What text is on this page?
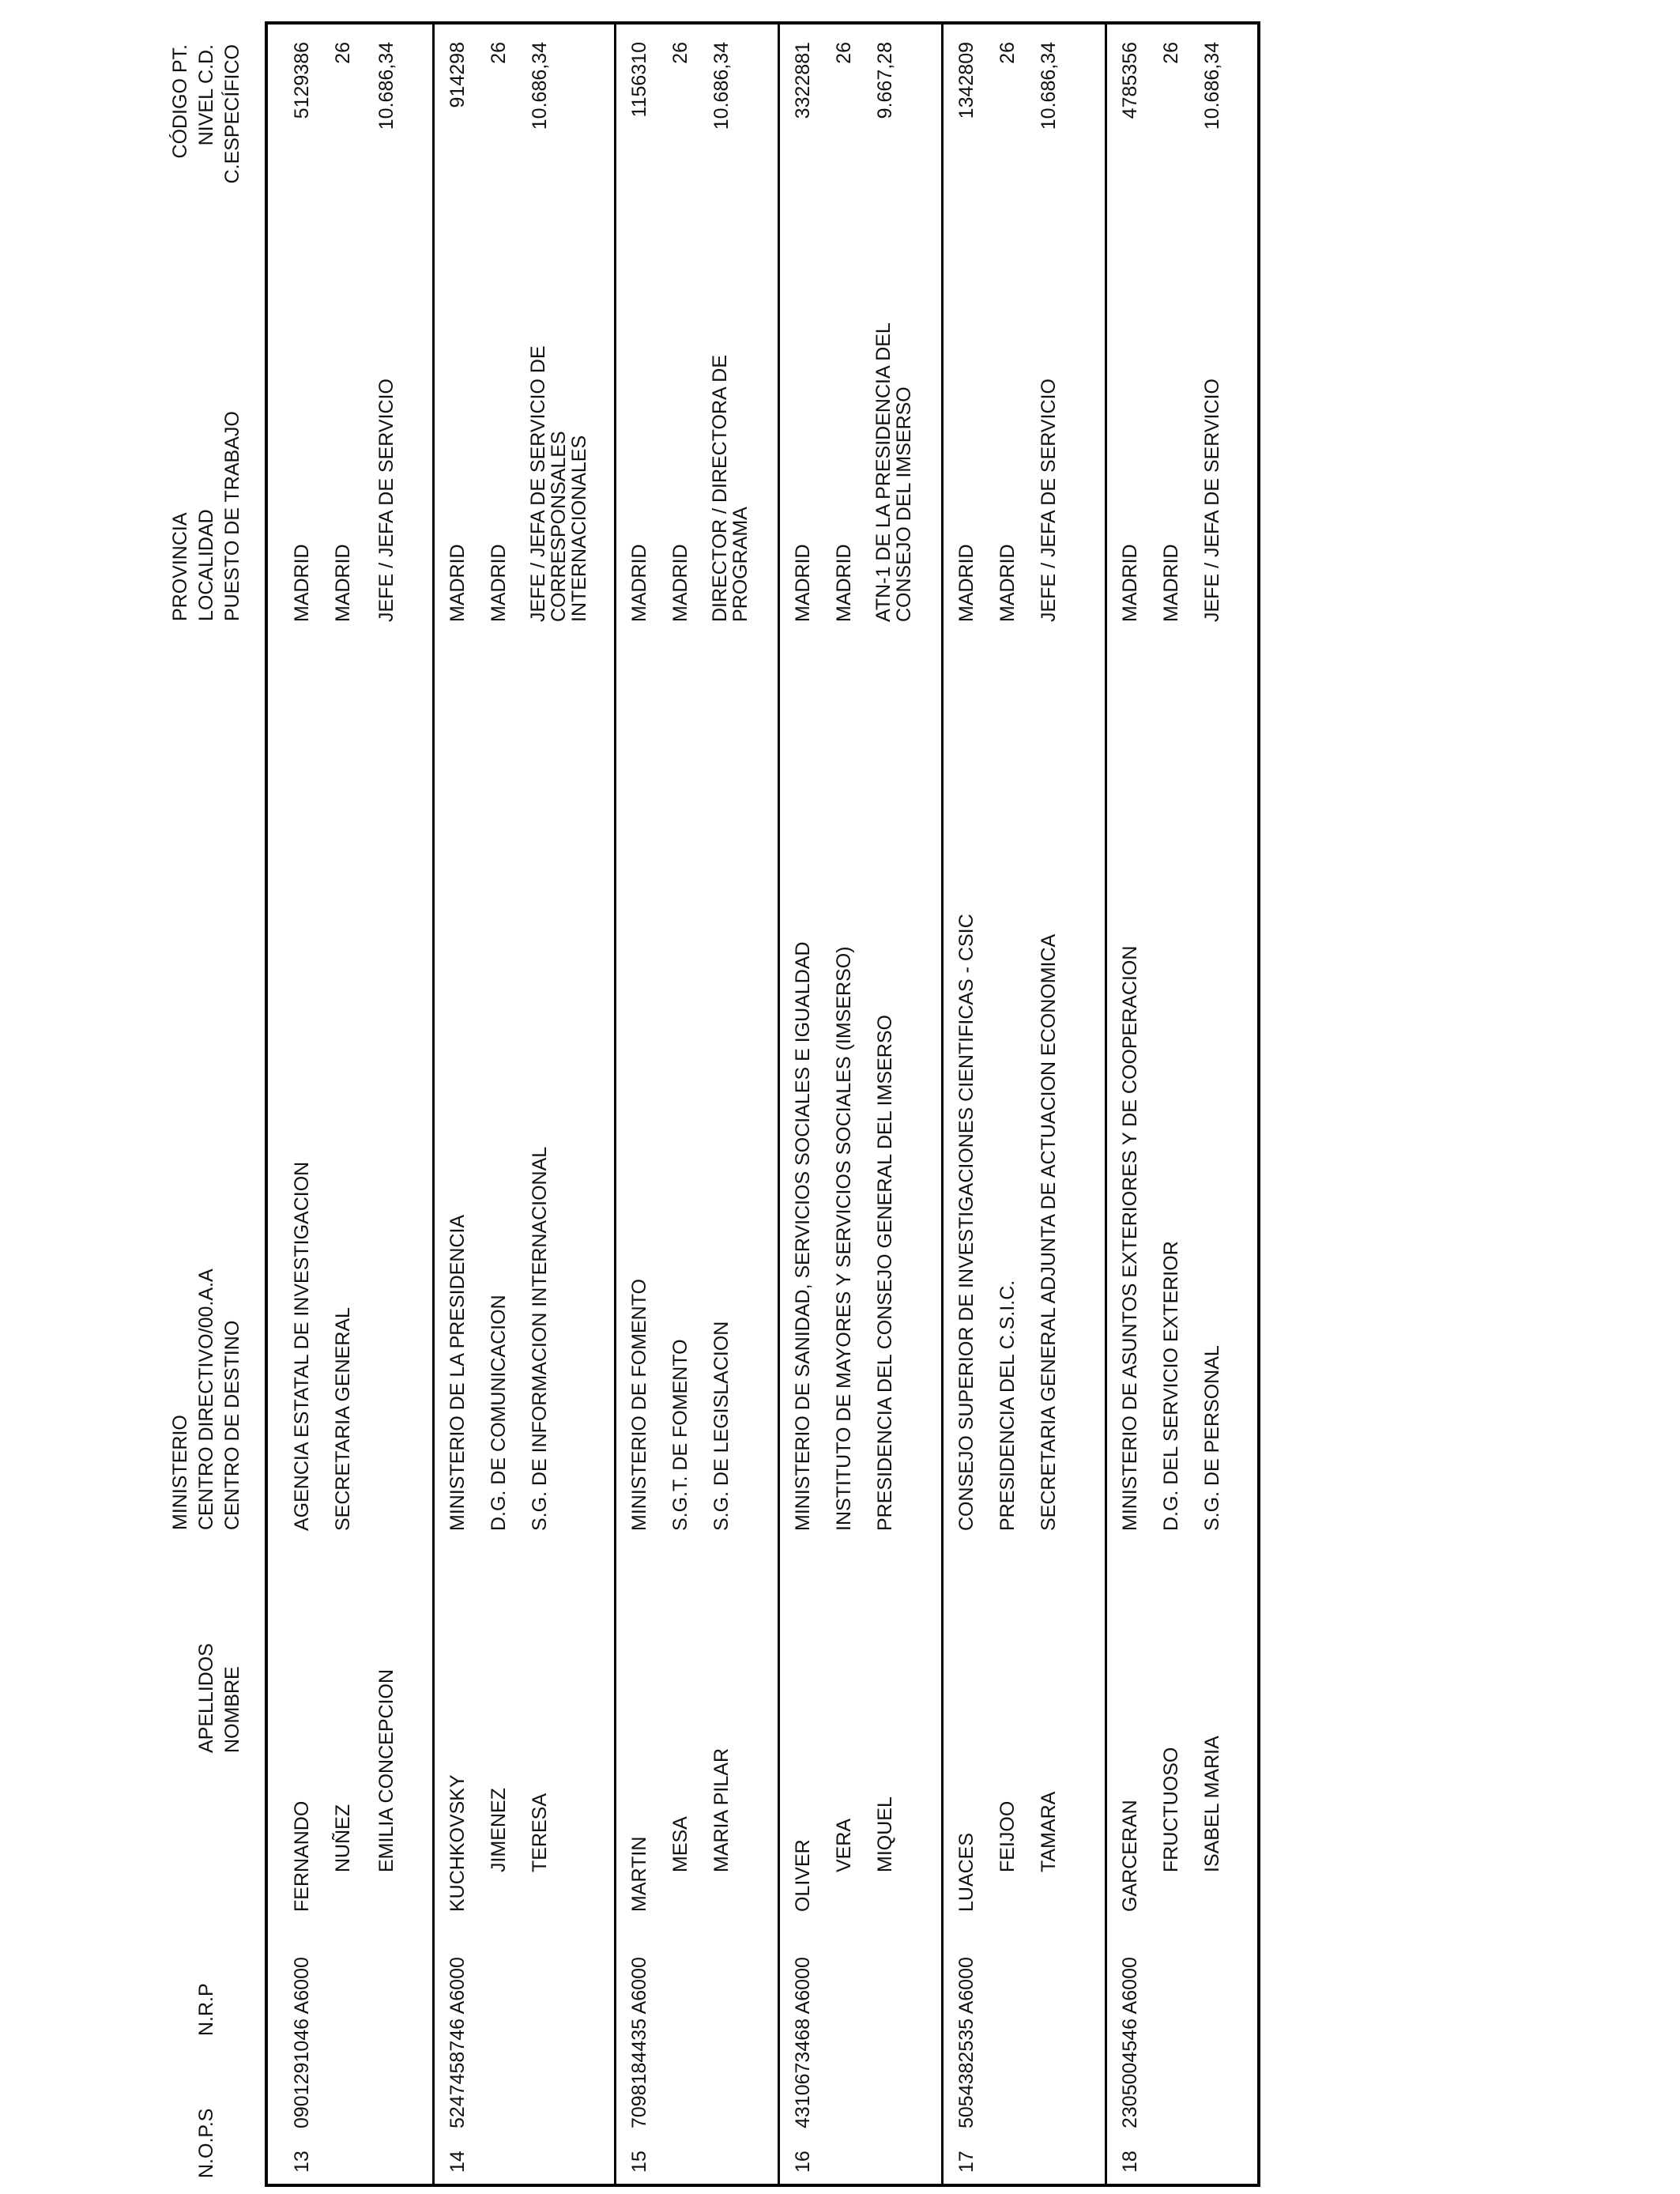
N.O.P.S
N.R.P
APELLIDOS NOMBRE
MINISTERIO CENTRO DIRECTIVO/00.A.A CENTRO DE DESTINO
PROVINCIA LOCALIDAD PUESTO DE TRABAJO
CÓDIGO PT. NIVEL C.D. C.ESPECÍFICO
13
0901291046 A6000
FERNANDO NUÑEZ EMILIA CONCEPCION
AGENCIA ESTATAL DE INVESTIGACION SECRETARIA GENERAL
MADRID MADRID JEFE / JEFA DE SERVICIO
5129386 26 10.686,34
14
5247458746 A6000
KUCHKOVSKY JIMENEZ TERESA
MINISTERIO DE LA PRESIDENCIA D.G. DE COMUNICACION S.G. DE INFORMACION INTERNACIONAL
MADRID MADRID JEFE / JEFA DE SERVICIO DE CORRESPONSALES INTERNACIONALES
914298 26 10.686,34
15
7098184435 A6000
MARTIN MESA MARIA PILAR
MINISTERIO DE FOMENTO S.G.T. DE FOMENTO S.G. DE LEGISLACION
MADRID MADRID DIRECTOR / DIRECTORA DE PROGRAMA
1156310 26 10.686,34
16
4310673468 A6000
OLIVER VERA MIQUEL
MINISTERIO DE SANIDAD, SERVICIOS SOCIALES E IGUALDAD INSTITUTO DE MAYORES Y SERVICIOS SOCIALES (IMSERSO) PRESIDENCIA DEL CONSEJO GENERAL DEL IMSERSO
MADRID MADRID ATN-1 DE LA PRESIDENCIA DEL CONSEJO DEL IMSERSO
3322881 26 9.667,28
17
5054382535 A6000
LUACES FEIJOO TAMARA
CONSEJO SUPERIOR DE INVESTIGACIONES CIENTIFICAS - CSIC PRESIDENCIA DEL C.S.I.C. SECRETARIA GENERAL ADJUNTA DE ACTUACION ECONOMICA
MADRID MADRID JEFE / JEFA DE SERVICIO
1342809 26 10.686,34
18
2305004546 A6000
GARCERAN FRUCTUOSO ISABEL MARIA
MINISTERIO DE ASUNTOS EXTERIORES Y DE COOPERACION D.G. DEL SERVICIO EXTERIOR S.G. DE PERSONAL
MADRID MADRID JEFE / JEFA DE SERVICIO
4785356 26 10.686,34
